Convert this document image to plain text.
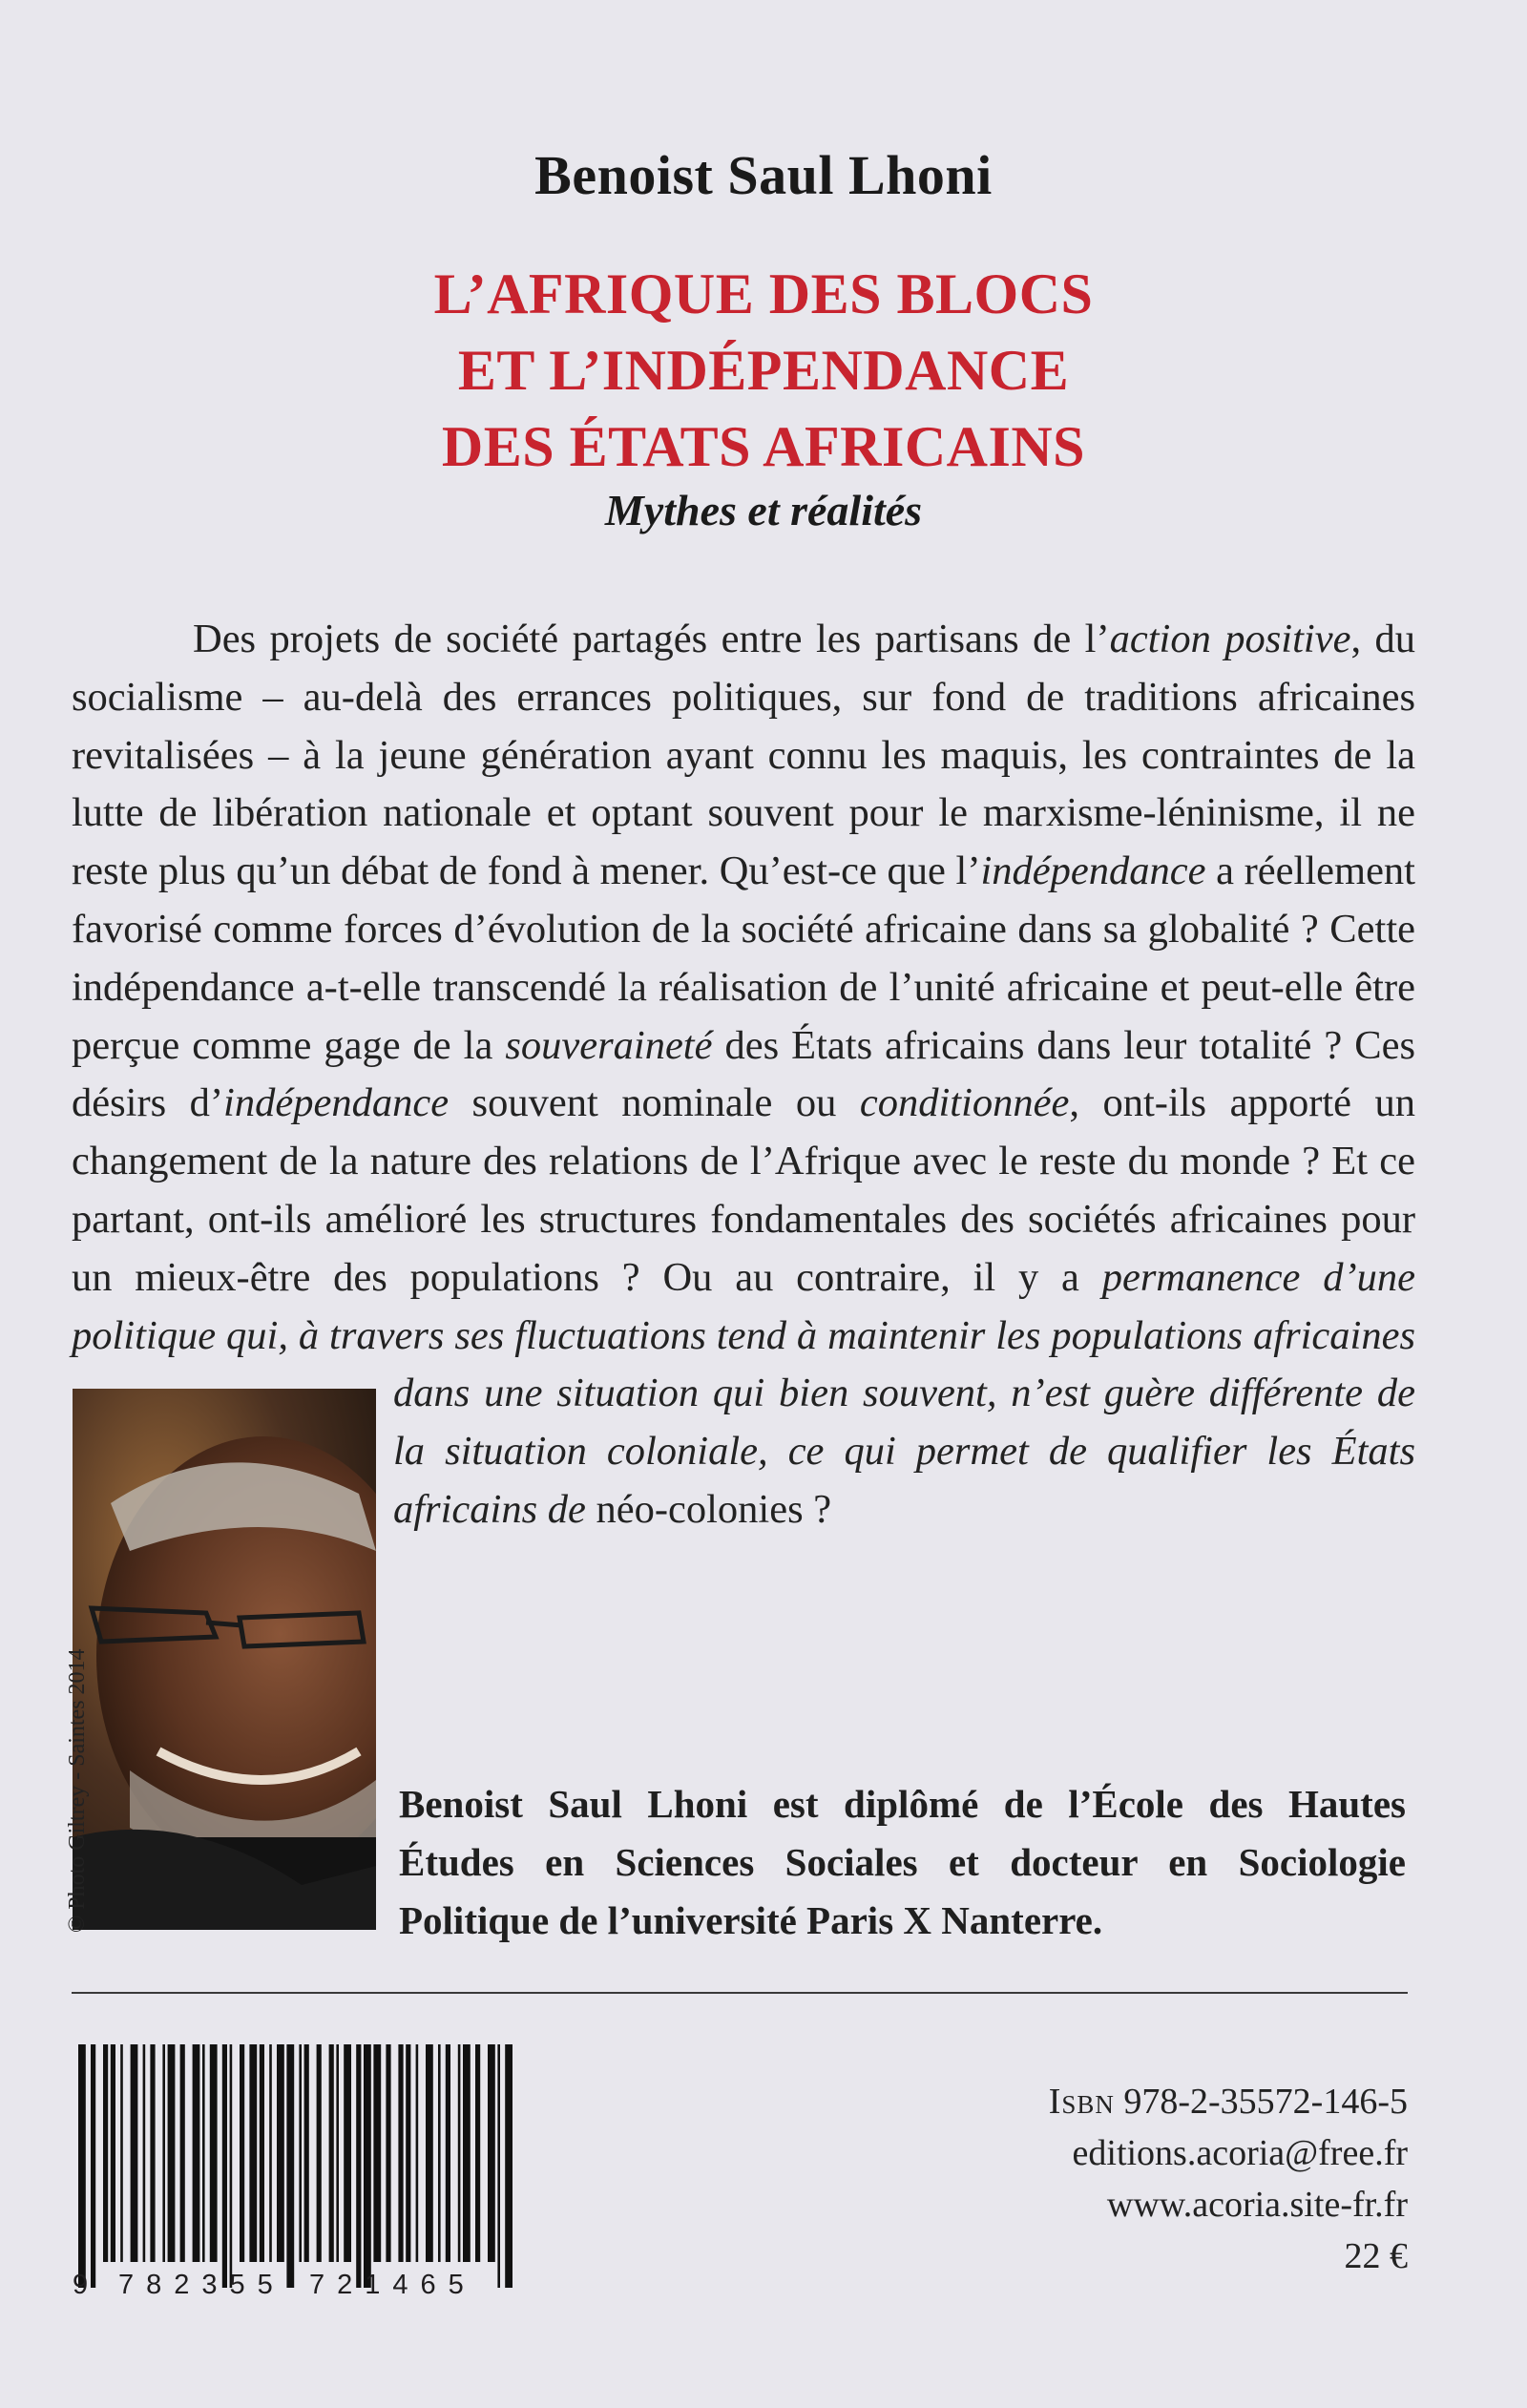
Benoist Saul Lhoni
L’AFRIQUE DES BLOCS
ET L’INDÉPENDANCE
DES ÉTATS AFRICAINS
Mythes et réalités

Des projets de société partagés entre les partisans de l’action positive, du socialisme – au-delà des errances politiques, sur fond de traditions africaines revitalisées – à la jeune génération ayant connu les maquis, les contraintes de la lutte de libération nationale et optant souvent pour le marxisme-léninisme, il ne reste plus qu’un débat de fond à mener. Qu’est-ce que l’indépendance a réellement favorisé comme forces d’évolution de la société africaine dans sa globalité ? Cette indépendance a-t-elle transcendé la réalisation de l’unité africaine et peut-elle être perçue comme gage de la souveraineté des États africains dans leur totalité ? Ces désirs d’indépendance souvent nominale ou conditionnée, ont-ils apporté un changement de la nature des relations de l’Afrique avec le reste du monde ? Et ce partant, ont-ils amélioré les structures fondamentales des sociétés africaines pour un mieux-être des populations ? Ou au contraire, il y a permanence d’une politique qui, à travers ses fluctuations tend à maintenir les populations africaines dans une situation qui bien souvent, n’est guère différente de la situation coloniale, ce qui permet de qualifier les États africains de néo-colonies ?

© Photo Giltrey - Saintes 2014	Benoist Saul Lhoni est diplômé de l’École des Hautes Études en Sciences Sociales et docteur en Sociologie Politique de l’université Paris X Nanterre.
9 782355 721465
Isbn 978-2-35572-146-5
editions.acoria@free.fr
www.acoria.site-fr.fr
22 €
